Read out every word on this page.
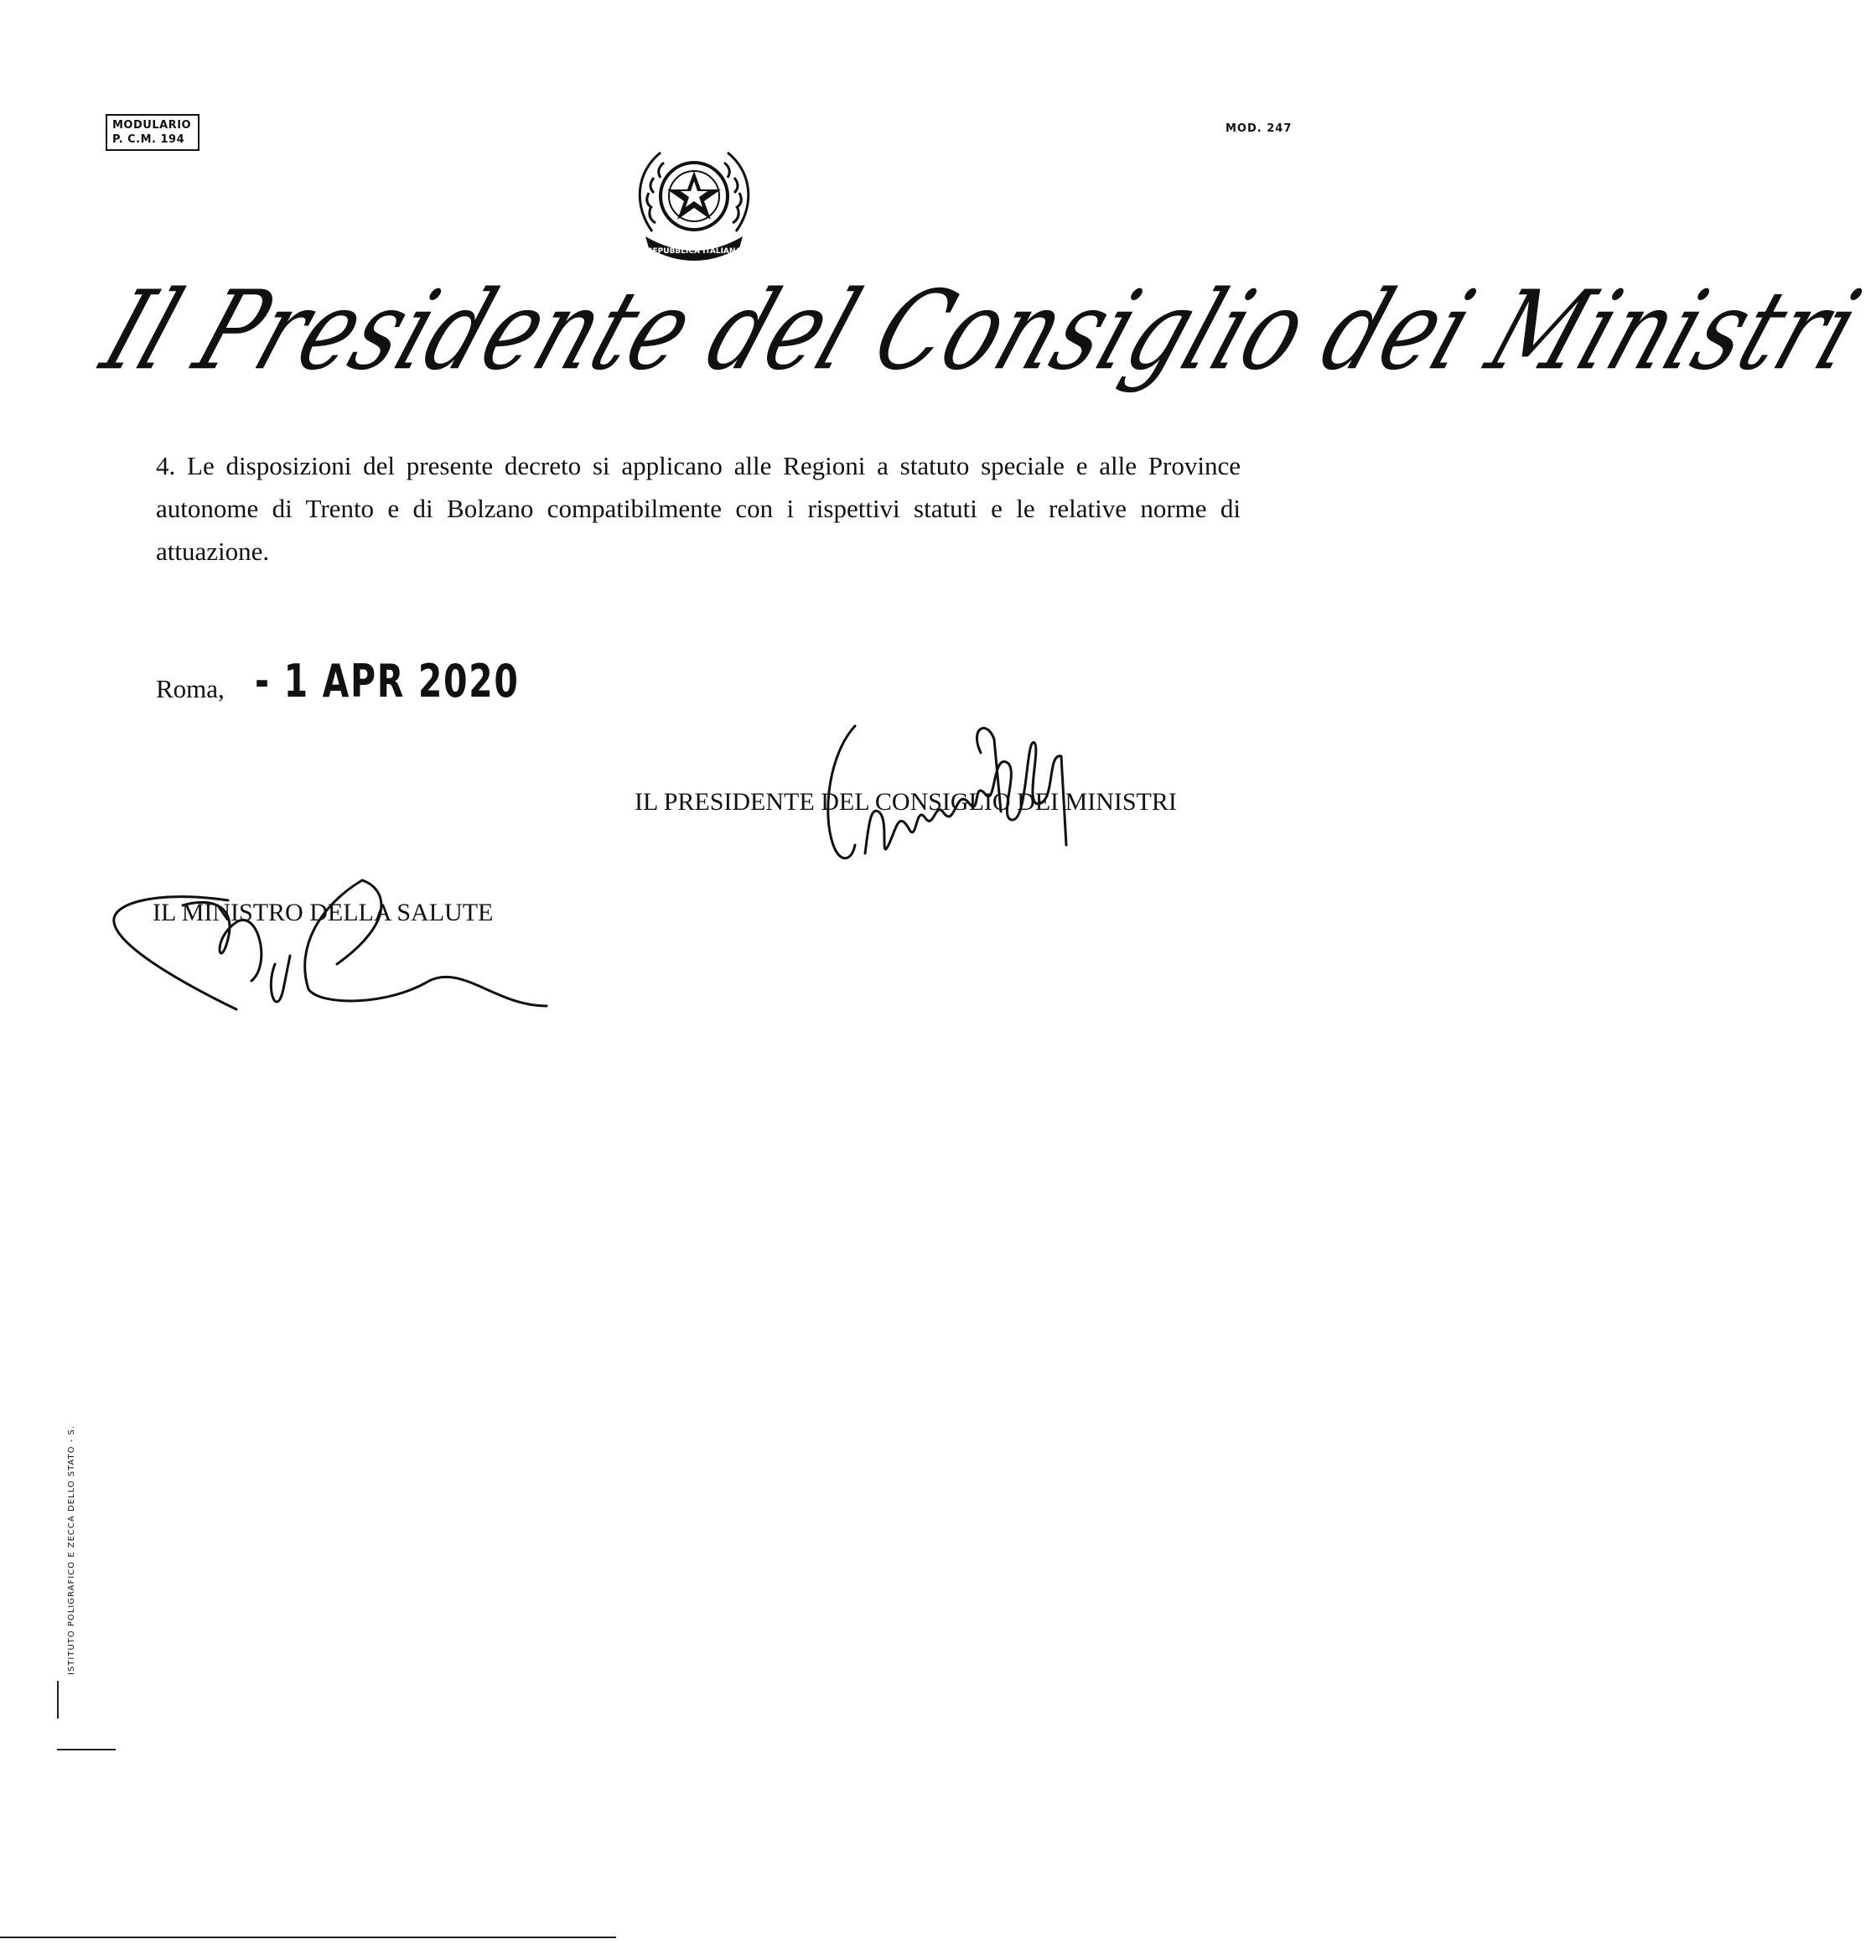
MODULARIO
P. C.M. 194
MOD. 247
REPUBBLICA ITALIANA
Il Presidente del Consiglio dei Ministri
4. Le disposizioni del presente decreto si applicano alle Regioni a statuto speciale e alle Province autonome di Trento e di Bolzano compatibilmente con i rispettivi statuti e le relative norme di attuazione.
Roma, - 1 APR 2020
IL PRESIDENTE DEL CONSIGLIO DEI MINISTRI
IL MINISTRO DELLA SALUTE
ISTITUTO POLIGRAFICO E ZECCA DELLO STATO - S.
